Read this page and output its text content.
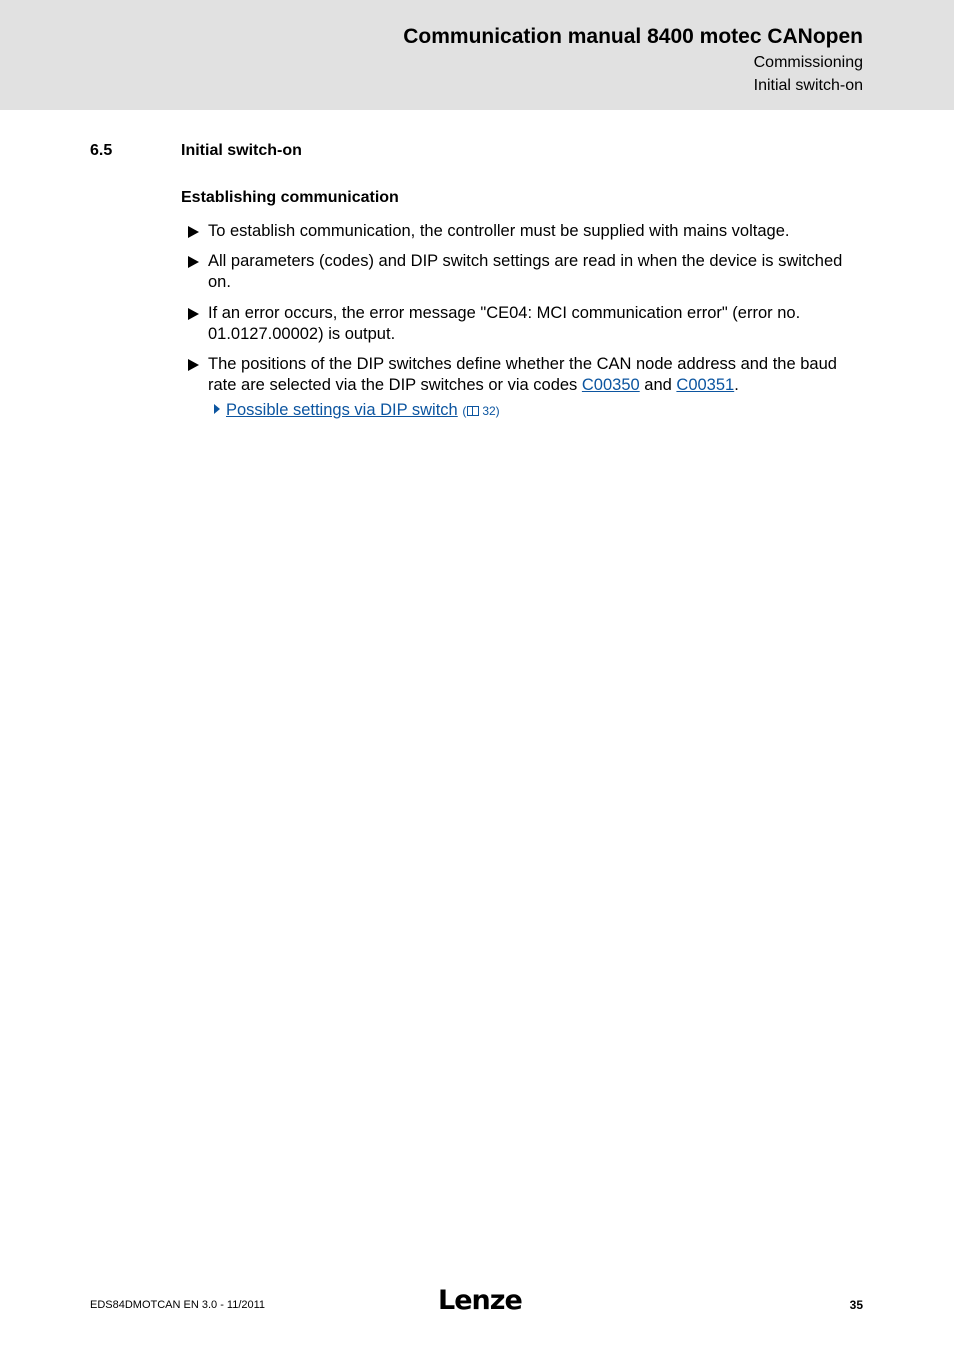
Communication manual 8400 motec CANopen
Commissioning
Initial switch-on
6.5	Initial switch-on
Establishing communication
To establish communication, the controller must be supplied with mains voltage.
All parameters (codes) and DIP switch settings are read in when the device is switched on.
If an error occurs, the error message "CE04: MCI communication error" (error no. 01.0127.00002) is output.
The positions of the DIP switches define whether the CAN node address and the baud rate are selected via the DIP switches or via codes C00350 and C00351.
Possible settings via DIP switch ( 32)
EDS84DMOTCAN EN 3.0 - 11/2011	Lenze	35
